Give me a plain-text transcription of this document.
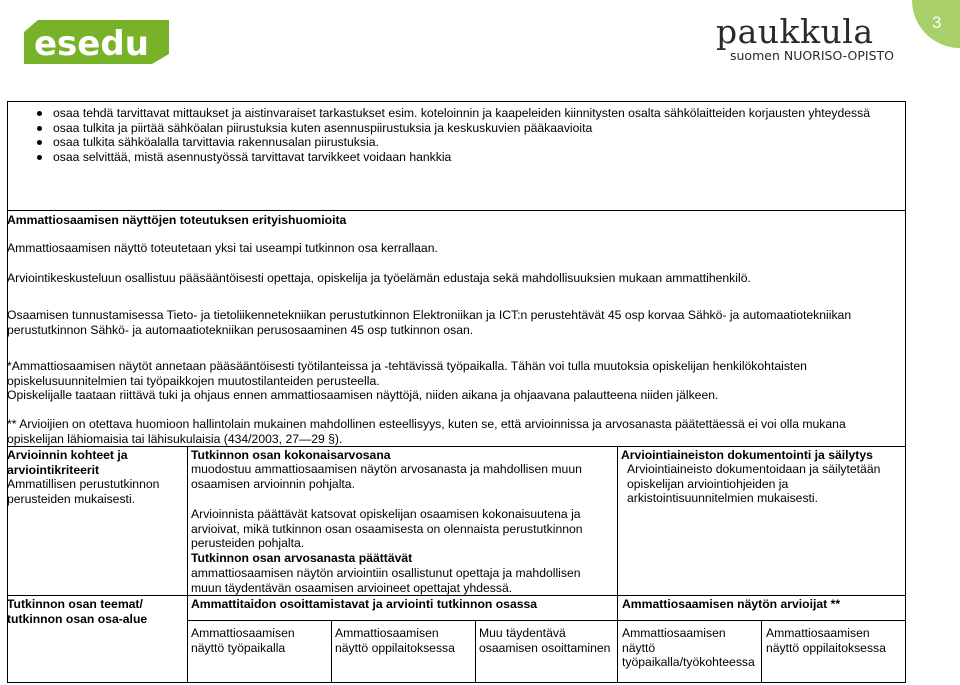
esedu	paukkula
suomen NUORISO-OPISTO
3
osaa tehdä tarvittavat mittaukset ja aistinvaraiset tarkastukset esim. koteloinnin ja kaapeleiden kiinnitysten osalta sähkölaitteiden korjausten yhteydessä
osaa tulkita ja piirtää sähköalan piirustuksia kuten asennuspiirustuksia ja keskuskuvien pääkaavioita
osaa tulkita sähköalalla tarvittavia rakennusalan piirustuksia.
osaa selvittää, mistä asennustyössä tarvittavat tarvikkeet voidaan hankkia
Ammattiosaamisen näyttöjen toteutuksen erityishuomioita
Ammattiosaamisen näyttö toteutetaan yksi tai useampi tutkinnon osa kerrallaan.
Arviointikeskusteluun osallistuu pääsääntöisesti opettaja, opiskelija ja työelämän edustaja sekä mahdollisuuksien mukaan ammattihenkilö.
Osaamisen tunnustamisessa Tieto- ja tietoliikennetekniikan perustutkinnon Elektroniikan ja ICT:n perustehtävät 45 osp korvaa Sähkö- ja automaatiotekniikan perustutkinnon Sähkö- ja automaatiotekniikan perusosaaminen 45 osp tutkinnon osan.
*Ammattiosaamisen näytöt annetaan pääsääntöisesti työtilanteissa ja -tehtävissä työpaikalla. Tähän voi tulla muutoksia opiskelijan henkilökohtaisten opiskelusuunnitelmien tai työpaikkojen muutostilanteiden perusteella.
Opiskelijalle taataan riittävä tuki ja ohjaus ennen ammattiosaamisen näyttöjä, niiden aikana ja ohjaavana palautteena niiden jälkeen.
** Arvioijien on otettava huomioon hallintolain mukainen mahdollinen esteellisyys, kuten se, että arvioinnissa ja arvosanasta päätettäessä ei voi olla mukana opiskelijan lähiomaisia tai lähisukulaisia (434/2003, 27—29 §).
Arvioinnin kohteet ja arviointikriteerit
Ammatillisen perustutkinnon perusteiden mukaisesti.
Tutkinnon osan kokonaisarvosana
muodostuu ammattiosaamisen näytön arvosanasta ja mahdollisen muun osaamisen arvioinnin pohjalta.
Arvioinnista päättävät katsovat opiskelijan osaamisen kokonaisuutena ja arvioivat, mikä tutkinnon osan osaamisesta on olennaista perustutkinnon perusteiden pohjalta.
Tutkinnon osan arvosanasta päättävät
ammattiosaamisen näytön arviointiin osallistunut opettaja ja mahdollisen muun täydentävän osaamisen arvioineet opettajat yhdessä.
Arviointiaineiston dokumentointi ja säilytys
Arviointiaineisto dokumentoidaan ja säilytetään opiskelijan arviointiohjeiden ja arkistointisuunnitelmien mukaisesti.
Tutkinnon osan teemat/ tutkinnon osan osa-alue
Ammattitaidon osoittamistavat ja arviointi tutkinnon osassa	Ammattiosaamisen näytön arvioijat **
Ammattiosaamisen näyttö työpaikalla
Ammattiosaamisen näyttö oppilaitoksessa
Muu täydentävä osaamisen osoittaminen
Ammattiosaamisen näyttö työpaikalla/työkohteessa
Ammattiosaamisen näyttö oppilaitoksessa
